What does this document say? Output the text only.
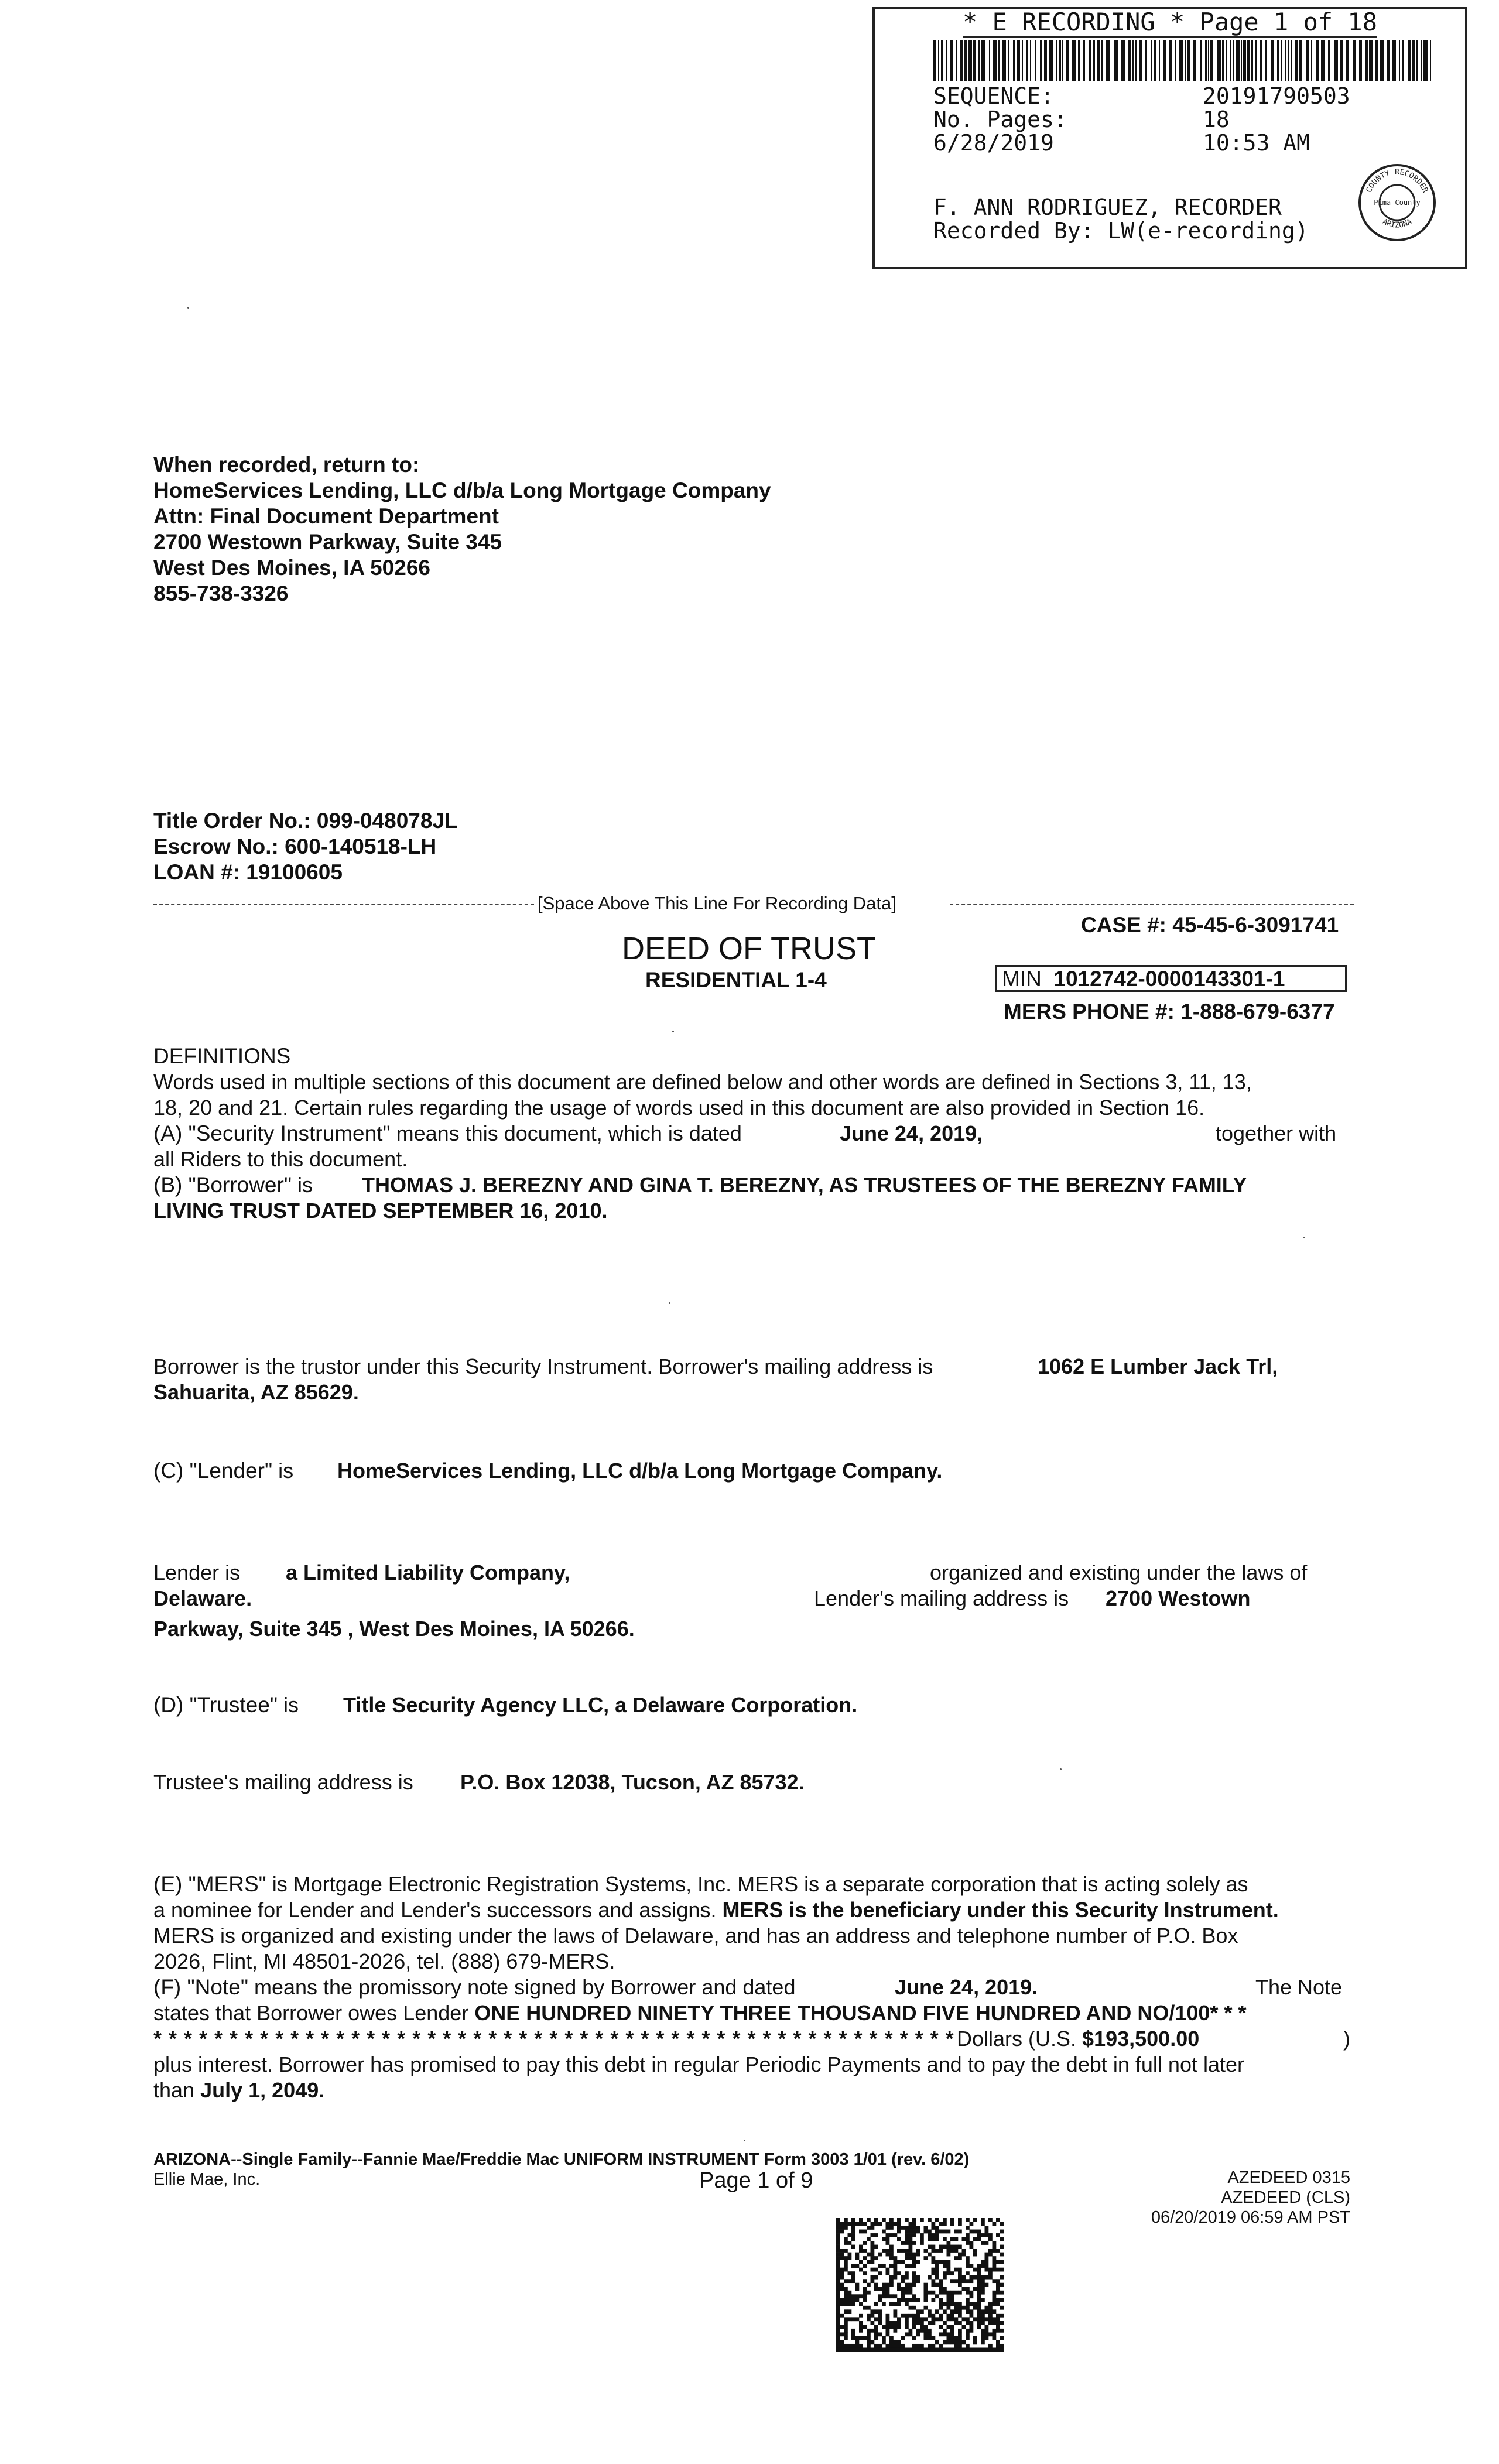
* E RECORDING * Page 1 of 18
SEQUENCE:	20191790503
No. Pages:	18
6/28/2019	10:53 AM
F. ANN RODRIGUEZ, RECORDER
Recorded By: LW(e-recording)
COUNTY RECORDER
ARIZONA
Pima County
When recorded, return to:
HomeServices Lending, LLC d/b/a Long Mortgage Company
Attn: Final Document Department
2700 Westown Parkway, Suite 345
West Des Moines, IA 50266
855-738-3326
Title Order No.: 099-048078JL
Escrow No.: 600-140518-LH
LOAN #: 19100605
[Space Above This Line For Recording Data]
CASE #: 45-45-6-3091741
DEED OF TRUST
RESIDENTIAL 1-4	MIN 1012742-0000143301-1
MERS PHONE #: 1-888-679-6377
DEFINITIONS
Words used in multiple sections of this document are defined below and other words are defined in Sections 3, 11, 13,
18, 20 and 21. Certain rules regarding the usage of words used in this document are also provided in Section 16.
(A) "Security Instrument" means this document, which is dated	June 24, 2019,	together with
all Riders to this document.
(B) "Borrower" is THOMAS J. BEREZNY AND GINA T. BEREZNY, AS TRUSTEES OF THE BEREZNY FAMILY
LIVING TRUST DATED SEPTEMBER 16, 2010.
Borrower is the trustor under this Security Instrument. Borrower's mailing address is	1062 E Lumber Jack Trl,
Sahuarita, AZ 85629.
(C) "Lender" is HomeServices Lending, LLC d/b/a Long Mortgage Company.
Lender is a Limited Liability Company,	organized and existing under the laws of
Delaware.	Lender's mailing address is 2700 Westown
Parkway, Suite 345 , West Des Moines, IA 50266.
(D) "Trustee" is Title Security Agency LLC, a Delaware Corporation.
Trustee's mailing address is P.O. Box 12038, Tucson, AZ 85732.
(E) "MERS" is Mortgage Electronic Registration Systems, Inc. MERS is a separate corporation that is acting solely as
a nominee for Lender and Lender's successors and assigns. MERS is the beneficiary under this Security Instrument.
MERS is organized and existing under the laws of Delaware, and has an address and telephone number of P.O. Box
2026, Flint, MI 48501-2026, tel. (888) 679-MERS.
(F) "Note" means the promissory note signed by Borrower and dated	June 24, 2019.	The Note
states that Borrower owes Lender ONE HUNDRED NINETY THREE THOUSAND FIVE HUNDRED AND NO/100* * *
* * * * * * * * * * * * * * * * * * * * * * * * * * * * * * * * * * * * * * * * * * * * * * * * * * * * * Dollars (U.S. $193,500.00	)
plus interest. Borrower has promised to pay this debt in regular Periodic Payments and to pay the debt in full not later
than July 1, 2049.
ARIZONA--Single Family--Fannie Mae/Freddie Mac UNIFORM INSTRUMENT Form 3003 1/01 (rev. 6/02)
Ellie Mae, Inc.	Page 1 of 9	AZEDEED 0315
AZEDEED (CLS)
06/20/2019 06:59 AM PST
